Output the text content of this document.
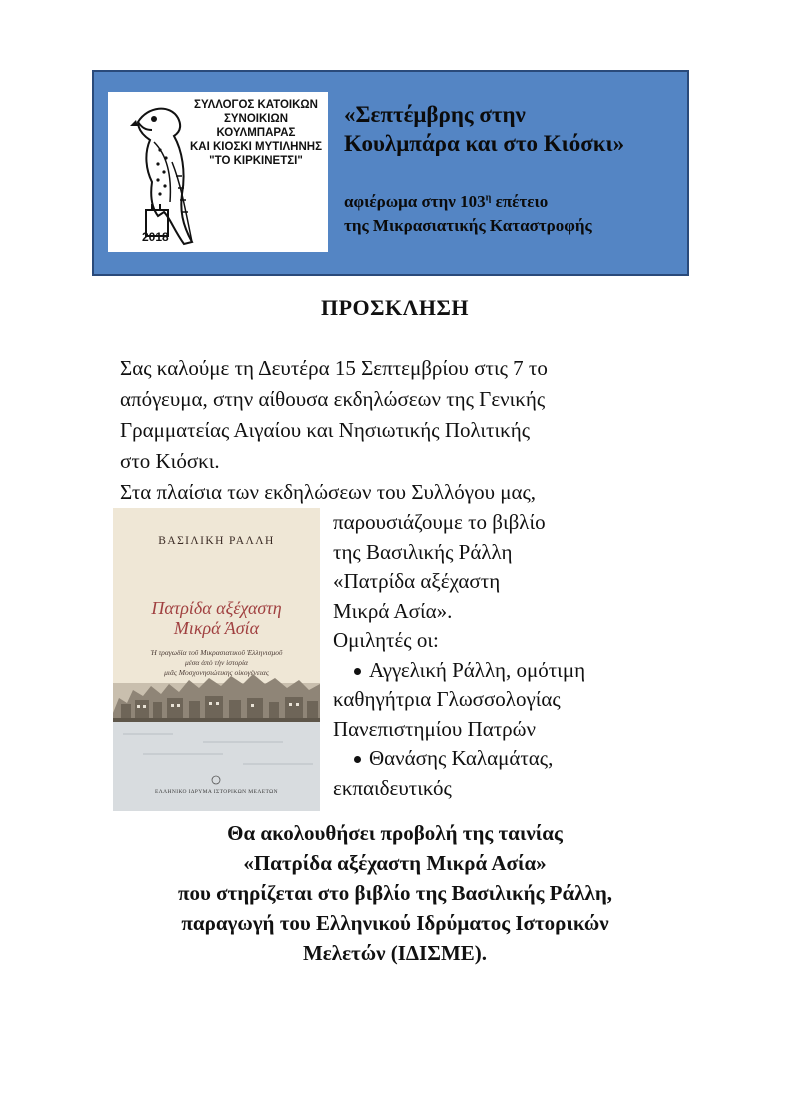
ΣΥΛΛΟΓΟΣ ΚΑΤΟΙΚΩΝ
ΣΥΝΟΙΚΙΩΝ ΚΟΥΛΜΠΑΡΑΣ
ΚΑΙ ΚΙΟΣΚΙ ΜΥΤΙΛΗΝΗΣ
"ΤΟ ΚΙΡΚΙΝΕΤΣΙ"
2018
«Σεπτέμβρης στην
Κουλμπάρα και στο Κιόσκι»
αφιέρωμα στην $103^\eta$ επέτειο
της Μικρασιατικής Καταστροφής
ΠΡΟΣΚΛΗΣΗ

Σας καλούμε τη Δευτέρα 15 Σεπτεμβρίου στις 7 το

απόγευμα, στην αίθουσα εκδηλώσεων της Γενικής

Γραμματείας Αιγαίου και Νησιωτικής Πολιτικής

στο Κιόσκι.

Στα πλαίσια των εκδηλώσεων του Συλλόγου μας,

ΒΑΣΙΛΙΚΗ ΡΑΛΛΗ
Πατρίδα αξέχαστη
Μικρά Άσία
Ἡ τραγωδία τοῦ Μικρασιατικοῦ Ἑλληνισμοῦ
μέσα ἀπὸ τὴν ἱστορία
μιᾶς Μοσχονησιώτικης οἰκογένειας
ΕΛΛΗΝΙΚΟ ΙΔΡΥΜΑ ΙΣΤΟΡΙΚΩΝ ΜΕΛΕΤΩΝ

παρουσιάζουμε το βιβλίο

της Βασιλικής Ράλλη

«Πατρίδα αξέχαστη

Μικρά Ασία».

Ομιλητές οι:

Αγγελική Ράλλη, ομότιμη
καθηγήτρια Γλωσσολογίας
Πανεπιστημίου Πατρών
Θανάσης Καλαμάτας,
εκπαιδευτικός

Θα ακολουθήσει προβολή της ταινίας

«Πατρίδα αξέχαστη Μικρά Ασία»

που στηρίζεται στο βιβλίο της Βασιλικής Ράλλη,

παραγωγή του Ελληνικού Ιδρύματος Ιστορικών

Μελετών (ΙΔΙΣΜΕ).
